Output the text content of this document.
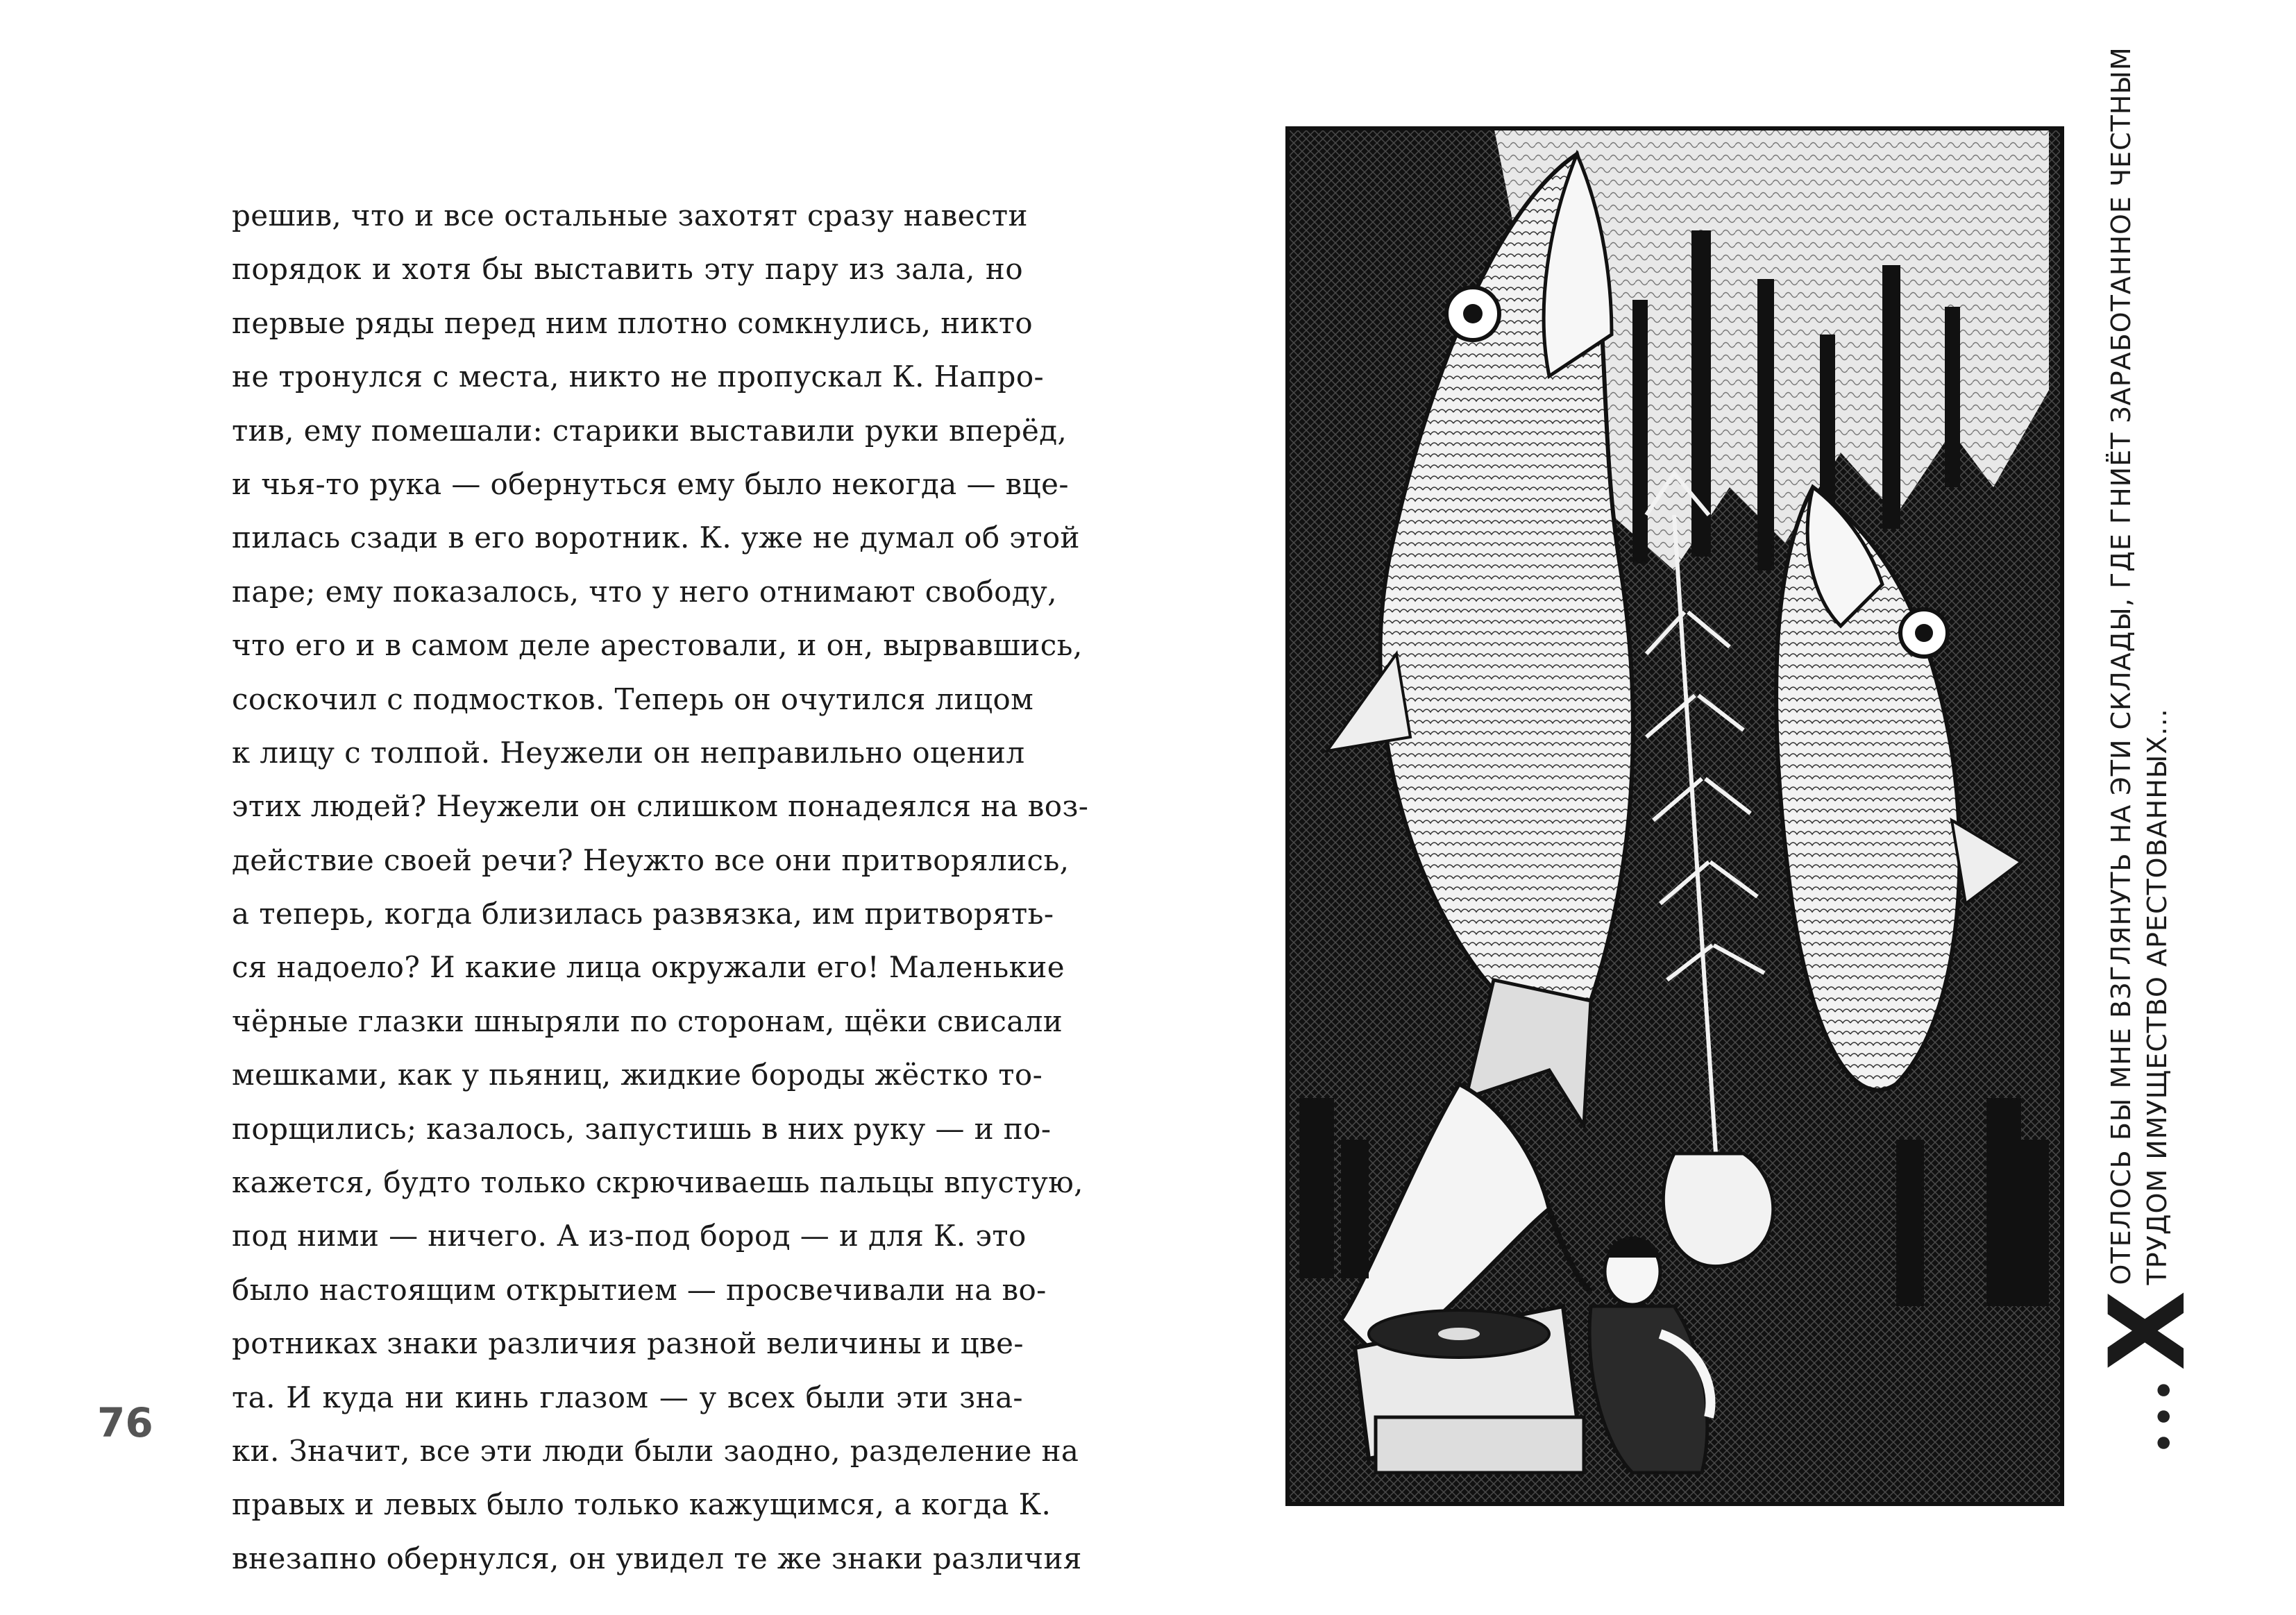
решив, что и все остальные захотят сразу навести
порядок и хотя бы выставить эту пару из зала, но
первые ряды перед ним плотно сомкнулись, никто
не тронулся с места, никто не пропускал К. Напро-
тив, ему помешали: старики выставили руки вперёд,
и чья-то рука — обернуться ему было некогда — вце-
пилась сзади в его воротник. К. уже не думал об этой
паре; ему показалось, что у него отнимают свободу,
что его и в самом деле арестовали, и он, вырвавшись,
соскочил с подмостков. Теперь он очутился лицом
к лицу с толпой. Неужели он неправильно оценил
этих людей? Неужели он слишком понадеялся на воз-
действие своей речи? Неужто все они притворялись,
а теперь, когда близилась развязка, им притворять-
ся надоело? И какие лица окружали его! Маленькие
чёрные глазки шныряли по сторонам, щёки свисали
мешками, как у пьяниц, жидкие бороды жёстко то-
порщились; казалось, запустишь в них руку — и по-
кажется, будто только скрючиваешь пальцы впустую,
под ними — ничего. А из-под бород — и для К. это
было настоящим открытием — просвечивали на во-
ротниках знаки различия разной величины и цве-
та. И куда ни кинь глазом — у всех были эти зна-
ки. Значит, все эти люди были заодно, разделение на
правых и левых было только кажущимся, а когда К.
внезапно обернулся, он увидел те же знаки различия
76	•••
Х
ОТЕЛОСЬ БЫ МНЕ ВЗГЛЯНУТЬ НА ЭТИ СКЛАДЫ, ГДЕ ГНИЁТ ЗАРАБОТАННОЕ ЧЕСТНЫМ ТРУДОМ ИМУЩЕСТВО АРЕСТОВАННЫХ...
